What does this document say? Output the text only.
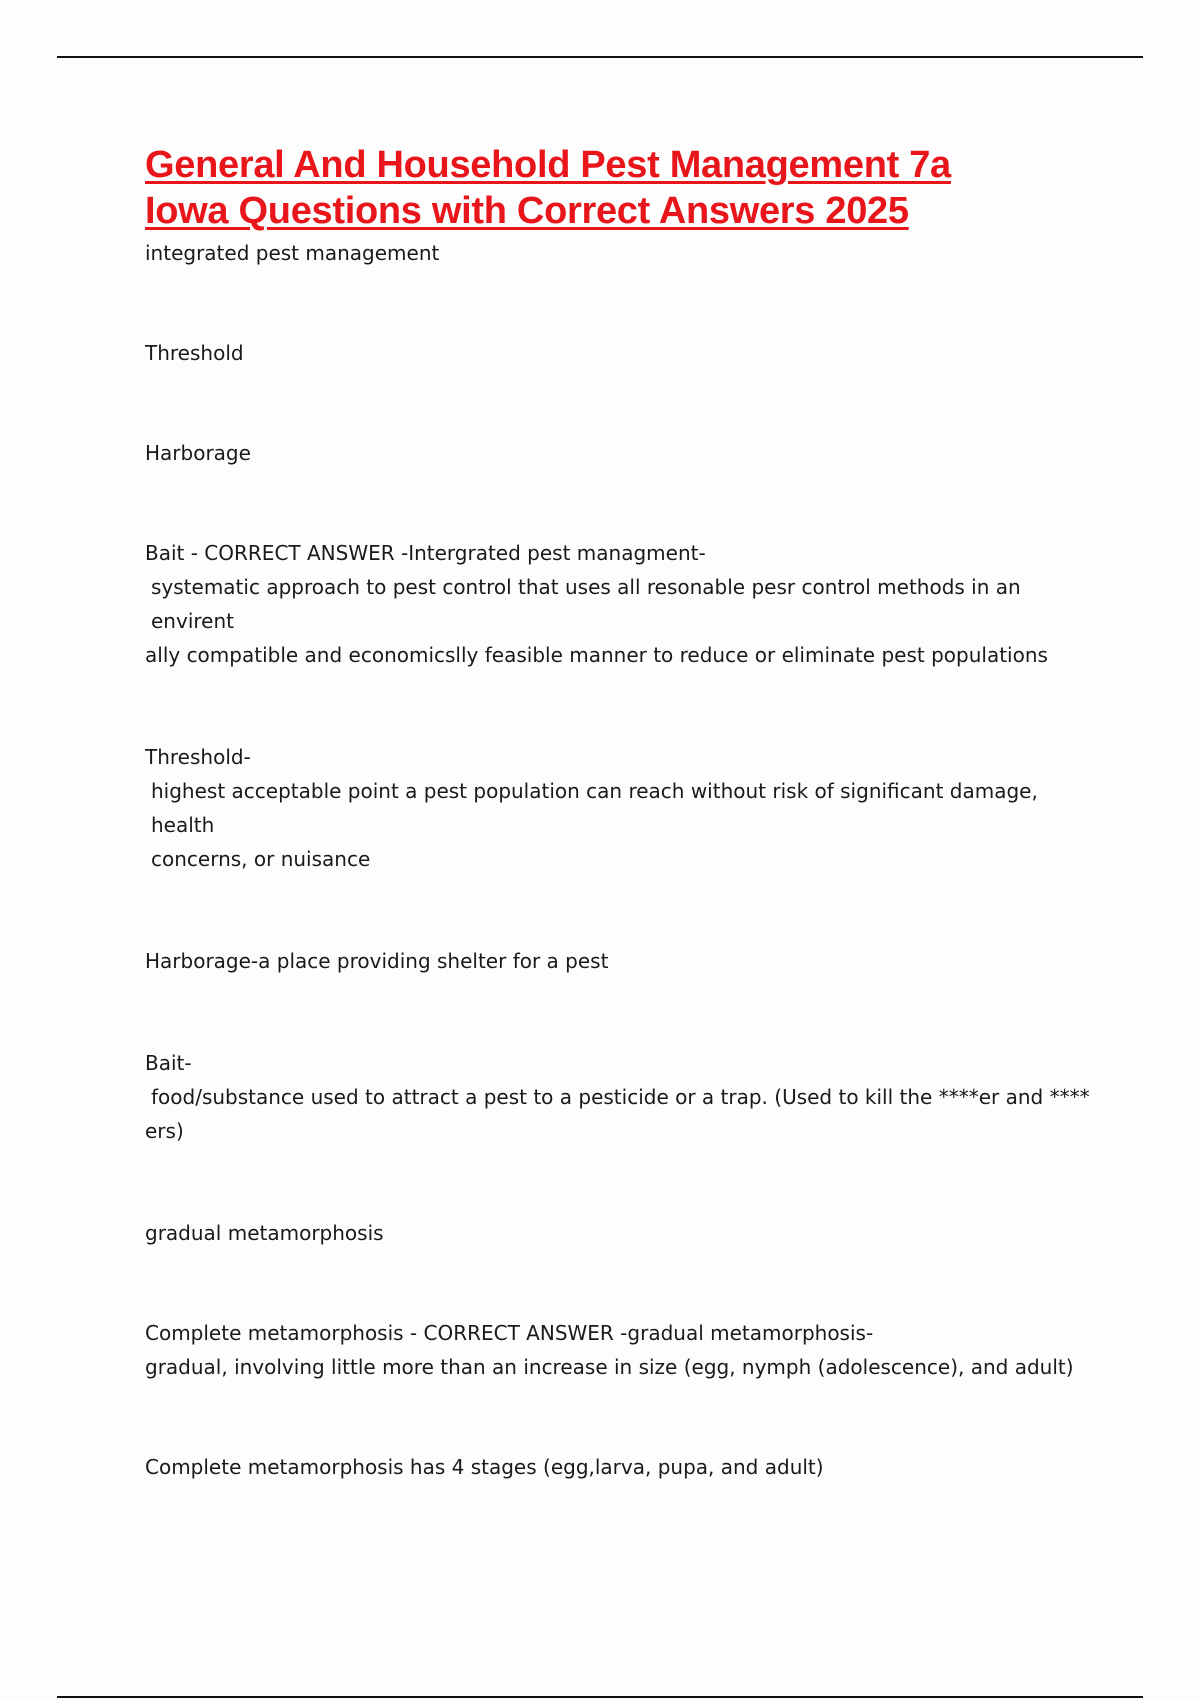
General And Household Pest Management 7a
Iowa Questions with Correct Answers 2025

integrated pest management

Threshold

Harborage

Bait - CORRECT ANSWER -Intergrated pest managment-

systematic approach to pest control that uses all resonable pesr control methods in an envirent

ally compatible and economicslly feasible manner to reduce or eliminate pest populations

Threshold-

highest acceptable point a pest population can reach without risk of significant damage, health

concerns, or nuisance

Harborage-a place providing shelter for a pest

Bait-

food/substance used to attract a pest to a pesticide or a trap. (Used to kill the ****er and ****

ers)

gradual metamorphosis

Complete metamorphosis - CORRECT ANSWER -gradual metamorphosis-

gradual, involving little more than an increase in size (egg, nymph (adolescence), and adult)

Complete metamorphosis has 4 stages (egg,larva, pupa, and adult)
